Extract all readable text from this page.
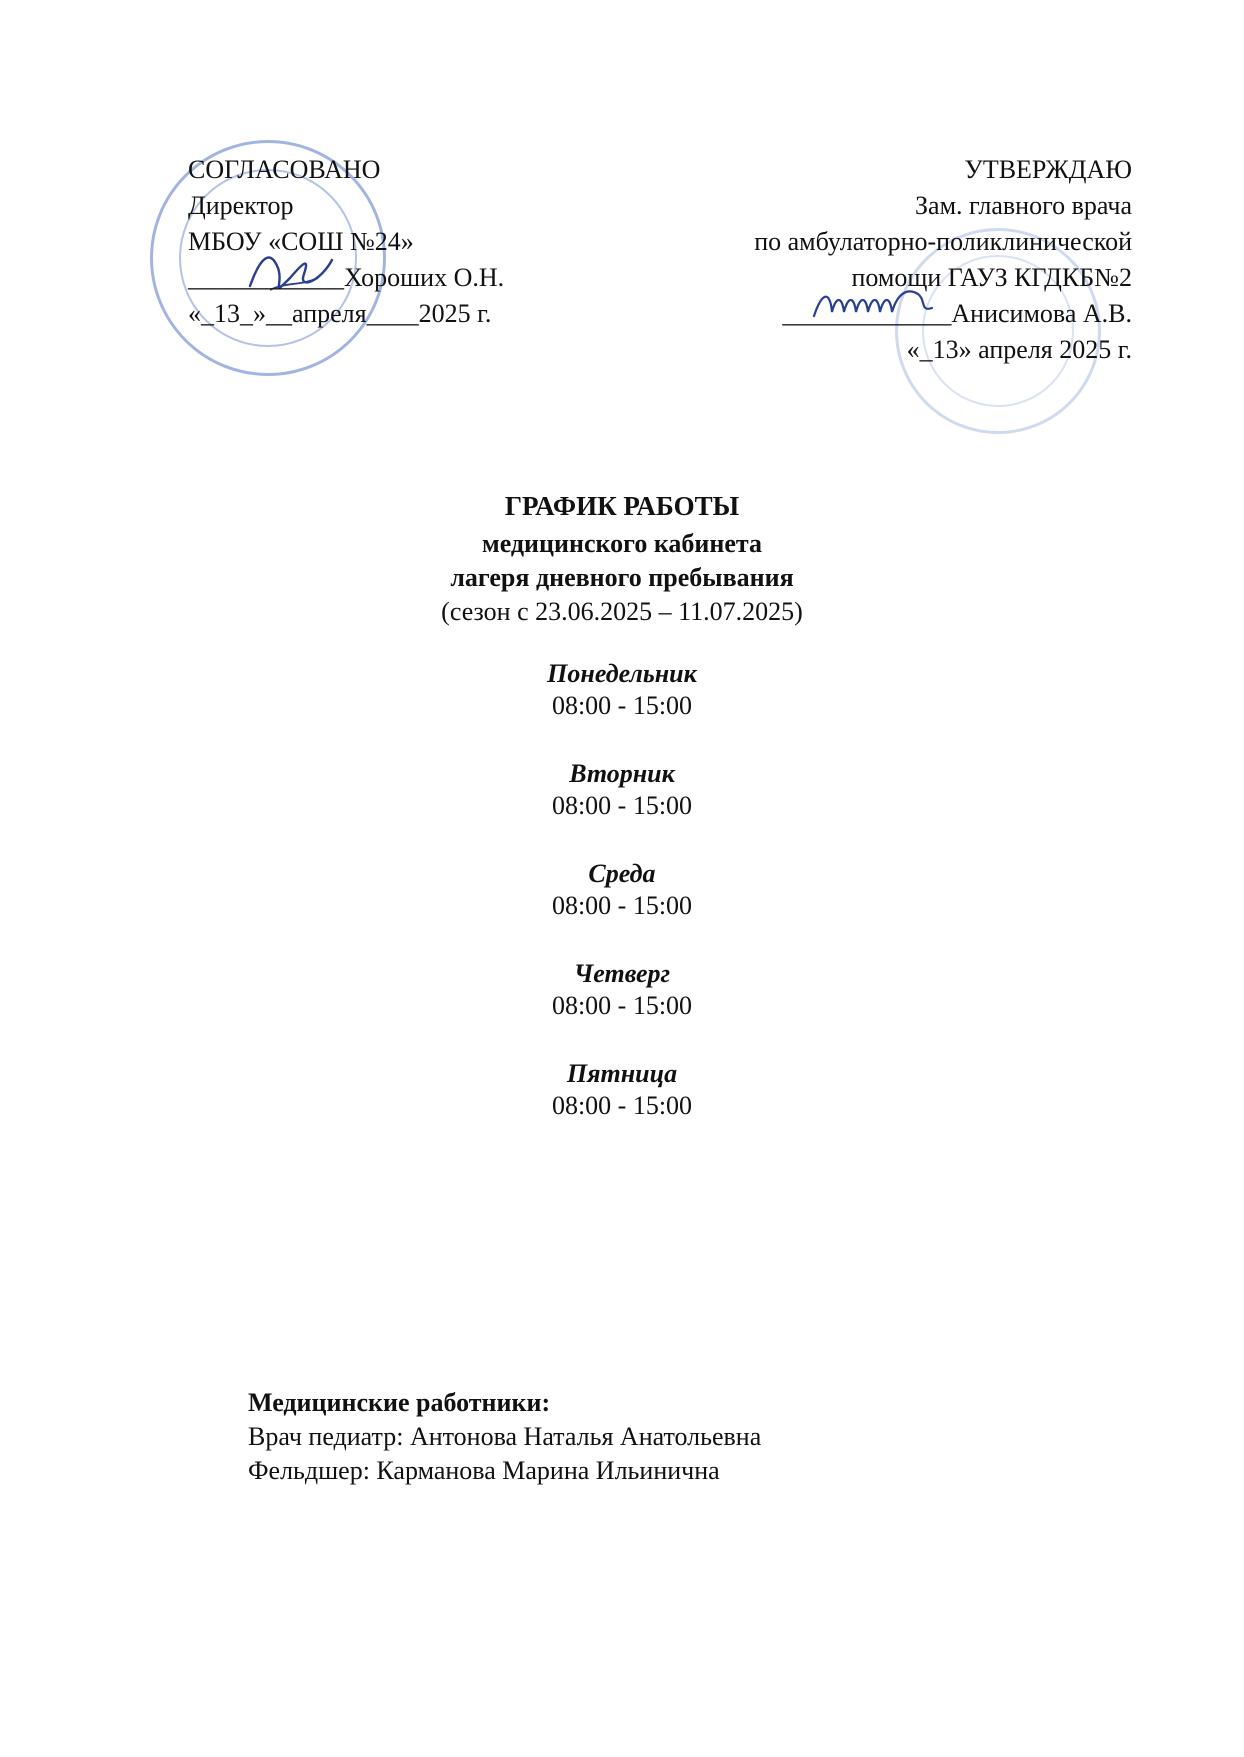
СОГЛАСОВАНО
Директор
МБОУ «СОШ №24»
____________Хороших О.Н.
«_13_»__апреля____2025 г.
УТВЕРЖДАЮ
Зам. главного врача
по амбулаторно-поликлинической
помощи ГАУЗ КГДКБ№2
_____________Анисимова А.В.
«_13» апреля 2025 г.
ГРАФИК РАБОТЫ
медицинского кабинета
лагеря дневного пребывания
(сезон с 23.06.2025 – 11.07.2025)
Понедельник
08:00 - 15:00
Вторник
08:00 - 15:00
Среда
08:00 - 15:00
Четверг
08:00 - 15:00
Пятница
08:00 - 15:00
Медицинские работники:
Врач педиатр: Антонова Наталья Анатольевна
Фельдшер: Карманова Марина Ильинична
